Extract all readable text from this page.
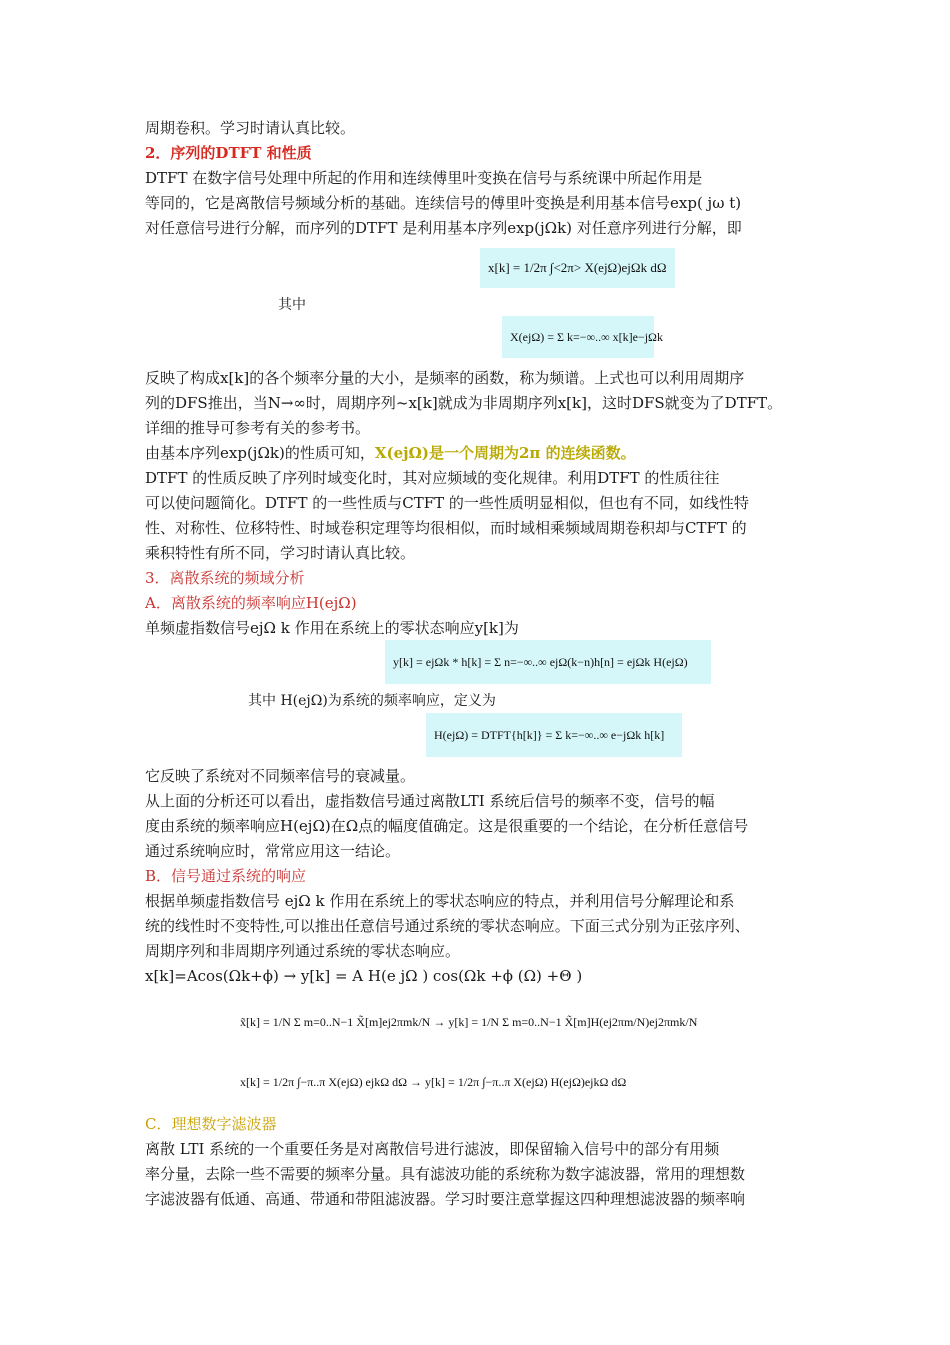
周期卷积。学习时请认真比较。
2．序列的DTFT 和性质
DTFT 在数字信号处理中所起的作用和连续傅里叶变换在信号与系统课中所起作用是
等同的，它是离散信号频域分析的基础。连续信号的傅里叶变换是利用基本信号exp( jω t)
对任意信号进行分解，而序列的DTFT 是利用基本序列exp(jΩk) 对任意序列进行分解，即
x[k] = 1/2π ∫<2π> X(ejΩ)ejΩk dΩ
其中
X(ejΩ) = Σ k=−∞..∞ x[k]e−jΩk
反映了构成x[k]的各个频率分量的大小，是频率的函数，称为频谱。上式也可以利用周期序
列的DFS推出，当N→∞时，周期序列~x[k]就成为非周期序列x[k]，这时DFS就变为了DTFT。
详细的推导可参考有关的参考书。
由基本序列exp(jΩk)的性质可知，X(ejΩ)是一个周期为2π 的连续函数。
DTFT 的性质反映了序列时域变化时，其对应频域的变化规律。利用DTFT 的性质往往
可以使问题简化。DTFT 的一些性质与CTFT 的一些性质明显相似，但也有不同，如线性特
性、对称性、位移特性、时域卷积定理等均很相似，而时域相乘频域周期卷积却与CTFT 的
乘积特性有所不同，学习时请认真比较。
3．离散系统的频域分析
A．离散系统的频率响应H(ejΩ)
单频虚指数信号ejΩ k 作用在系统上的零状态响应y[k]为
y[k] = ejΩk * h[k] = Σ n=−∞..∞ ejΩ(k−n)h[n] = ejΩk H(ejΩ)
其中 H(ejΩ)为系统的频率响应，定义为
H(ejΩ) = DTFT{h[k]} = Σ k=−∞..∞ e−jΩk h[k]
它反映了系统对不同频率信号的衰减量。
从上面的分析还可以看出，虚指数信号通过离散LTI 系统后信号的频率不变，信号的幅
度由系统的频率响应H(ejΩ)在Ω点的幅度值确定。这是很重要的一个结论，在分析任意信号
通过系统响应时，常常应用这一结论。
B．信号通过系统的响应
根据单频虚指数信号 ejΩ k 作用在系统上的零状态响应的特点，并利用信号分解理论和系
统的线性时不变特性,可以推出任意信号通过系统的零状态响应。下面三式分别为正弦序列、
周期序列和非周期序列通过系统的零状态响应。
x[k]=Acos(Ωk+ϕ) → y[k] = A H(e jΩ ) cos(Ωk +ϕ (Ω) +Θ )
x̃[k] = 1/N Σ m=0..N−1 X̃[m]ej2πmk/N → y[k] = 1/N Σ m=0..N−1 X̃[m]H(ej2πm/N)ej2πmk/N
x[k] = 1/2π ∫−π..π X(ejΩ) ejkΩ dΩ → y[k] = 1/2π ∫−π..π X(ejΩ) H(ejΩ)ejkΩ dΩ
C．理想数字滤波器
离散 LTI 系统的一个重要任务是对离散信号进行滤波，即保留输入信号中的部分有用频
率分量，去除一些不需要的频率分量。具有滤波功能的系统称为数字滤波器，常用的理想数
字滤波器有低通、高通、带通和带阻滤波器。学习时要注意掌握这四种理想滤波器的频率响
